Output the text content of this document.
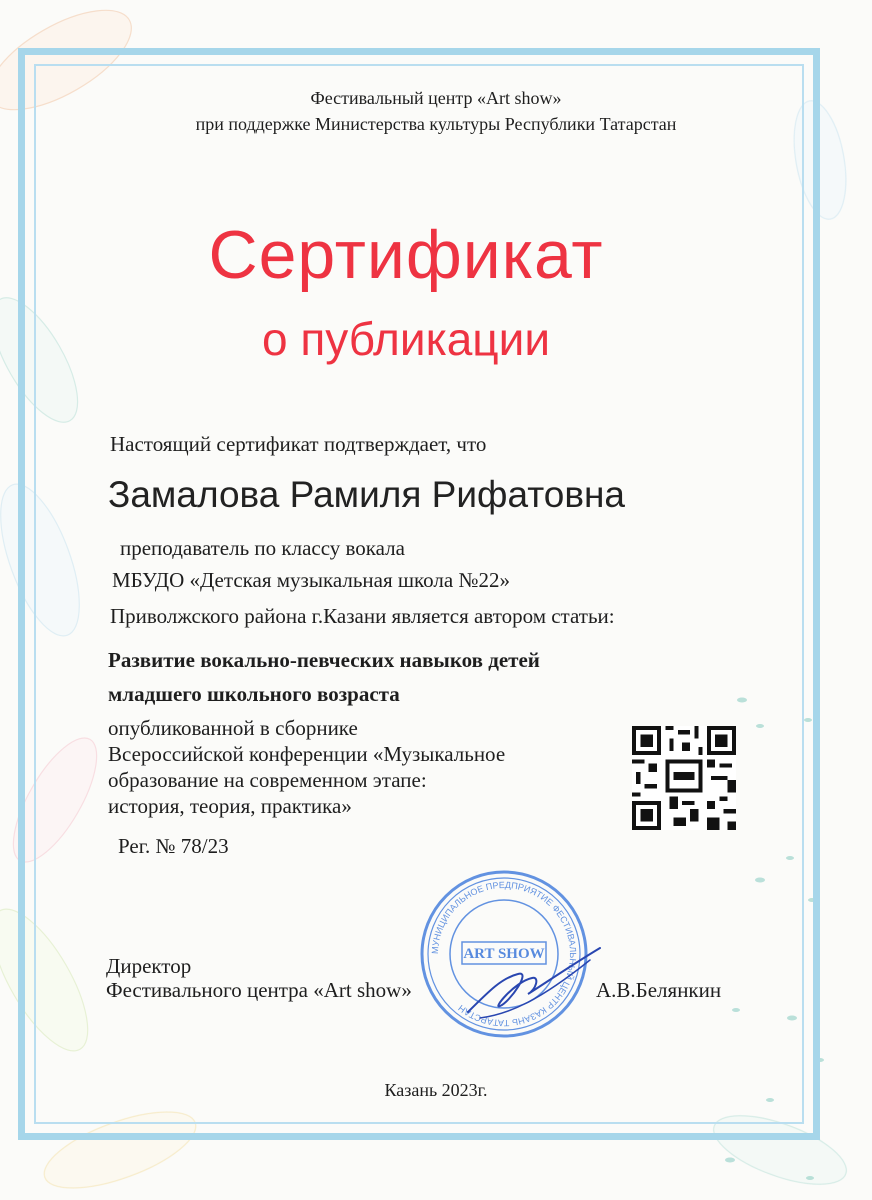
Фестивальный центр «Art show»
при поддержке Министерства культуры Республики Татарстан
Сертификат
о публикации
Настоящий сертификат подтверждает, что
Замалова Рамиля Рифатовна
преподаватель по классу вокала
МБУДО «Детская музыкальная школа №22»
Приволжского района г.Казани является автором статьи:
Развитие вокально-певческих навыков детей
младшего школьного возраста
опубликованной в сборнике
Всероссийской конференции «Музыкальное
образование на современном этапе:
история, теория, практика»
Рег. № 78/23
Директор
Фестивального центра «Art show»	А.В.Белянкин
МУНИЦИПАЛЬНОЕ ПРЕДПРИЯТИЕ ФЕСТИВАЛЬНЫЙ ЦЕНТР КАЗАНЬ ТАТАРСТАН
ART SHOW
Казань 2023г.
